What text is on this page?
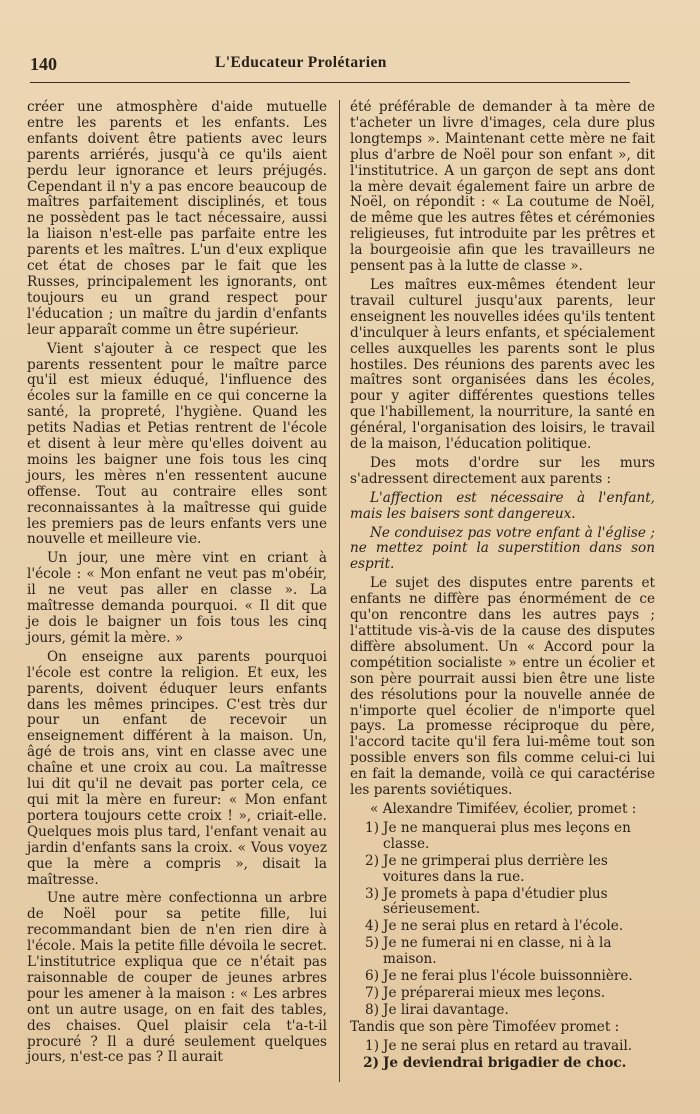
140	L'Educateur Prolétarien

créer une atmosphère d'aide mutuelle entre les parents et les enfants. Les enfants doivent être patients avec leurs parents arriérés, jusqu'à ce qu'ils aient perdu leur ignorance et leurs préjugés. Cependant il n'y a pas encore beaucoup de maîtres parfaitement disciplinés, et tous ne possèdent pas le tact nécessaire, aussi la liaison n'est-elle pas parfaite entre les parents et les maîtres. L'un d'eux explique cet état de choses par le fait que les Russes, principalement les ignorants, ont toujours eu un grand respect pour l'éducation ; un maître du jardin d'enfants leur apparaît comme un être supérieur.

Vient s'ajouter à ce respect que les parents ressentent pour le maître parce qu'il est mieux éduqué, l'influence des écoles sur la famille en ce qui concerne la santé, la propreté, l'hygiène. Quand les petits Nadias et Petias rentrent de l'école et disent à leur mère qu'elles doivent au moins les baigner une fois tous les cinq jours, les mères n'en ressentent aucune offense. Tout au contraire elles sont reconnaissantes à la maîtresse qui guide les premiers pas de leurs enfants vers une nouvelle et meilleure vie.

Un jour, une mère vint en criant à l'école : « Mon enfant ne veut pas m'obéir, il ne veut pas aller en classe ». La maîtresse demanda pourquoi. « Il dit que je dois le baigner un fois tous les cinq jours, gémit la mère. »

On enseigne aux parents pourquoi l'école est contre la religion. Et eux, les parents, doivent éduquer leurs enfants dans les mêmes principes. C'est très dur pour un enfant de recevoir un enseignement différent à la maison. Un, âgé de trois ans, vint en classe avec une chaîne et une croix au cou. La maîtresse lui dit qu'il ne devait pas porter cela, ce qui mit la mère en fureur: « Mon enfant portera toujours cette croix ! », criait-elle. Quelques mois plus tard, l'enfant venait au jardin d'enfants sans la croix. « Vous voyez que la mère a compris », disait la maîtresse.

Une autre mère confectionna un arbre de Noël pour sa petite fille, lui recommandant bien de n'en rien dire à l'école. Mais la petite fille dévoila le secret. L'institutrice expliqua que ce n'était pas raisonnable de couper de jeunes arbres pour les amener à la maison : « Les arbres ont un autre usage, on en fait des tables, des chaises. Quel plaisir cela t'a-t-il procuré ? Il a duré seulement quelques jours, n'est-ce pas ? Il aurait

été préférable de demander à ta mère de t'acheter un livre d'images, cela dure plus longtemps ». Maintenant cette mère ne fait plus d'arbre de Noël pour son enfant », dit l'institutrice. A un garçon de sept ans dont la mère devait également faire un arbre de Noël, on répondit : « La coutume de Noël, de même que les autres fêtes et cérémonies religieuses, fut introduite par les prêtres et la bourgeoisie afin que les travailleurs ne pensent pas à la lutte de classe ».

Les maîtres eux-mêmes étendent leur travail culturel jusqu'aux parents, leur enseignent les nouvelles idées qu'ils tentent d'inculquer à leurs enfants, et spécialement celles auxquelles les parents sont le plus hostiles. Des réunions des parents avec les maîtres sont organisées dans les écoles, pour y agiter différentes questions telles que l'habillement, la nourriture, la santé en général, l'organisation des loisirs, le travail de la maison, l'éducation politique.

Des mots d'ordre sur les murs s'adressent directement aux parents :

L'affection est nécessaire à l'enfant, mais les baisers sont dangereux.

Ne conduisez pas votre enfant à l'église ; ne mettez point la superstition dans son esprit.

Le sujet des disputes entre parents et enfants ne diffère pas énormément de ce qu'on rencontre dans les autres pays ; l'attitude vis-à-vis de la cause des disputes diffère absolument. Un « Accord pour la compétition socialiste » entre un écolier et son père pourrait aussi bien être une liste des résolutions pour la nouvelle année de n'importe quel écolier de n'importe quel pays. La promesse réciproque du père, l'accord tacite qu'il fera lui-même tout son possible envers son fils comme celui-ci lui en fait la demande, voilà ce qui caractérise les parents soviétiques.

« Alexandre Timiféev, écolier, promet :

1) Je ne manquerai plus mes leçons en classe.
2) Je ne grimperai plus derrière les voitures dans la rue.
3) Je promets à papa d'étudier plus sérieusement.
4) Je ne serai plus en retard à l'école.
5) Je ne fumerai ni en classe, ni à la maison.
6) Je ne ferai plus l'école buissonnière.
7) Je préparerai mieux mes leçons.
8) Je lirai davantage.

Tandis que son père Timoféev promet :

1) Je ne serai plus en retard au travail.
2) Je deviendrai brigadier de choc.
